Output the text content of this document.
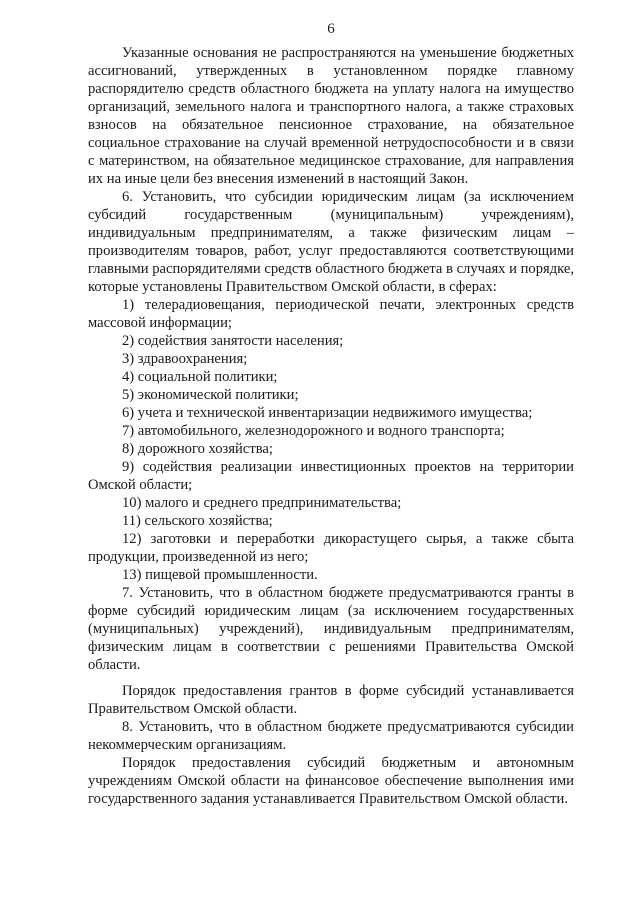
6

Указанные основания не распространяются на уменьшение бюджетных ассигнований, утвержденных в установленном порядке главному распорядителю средств областного бюджета на уплату налога на имущество организаций, земельного налога и транспортного налога, а также страховых взносов на обязательное пенсионное страхование, на обязательное социальное страхование на случай временной нетрудоспособности и в связи с материнством, на обязательное медицинское страхование, для направления их на иные цели без внесения изменений в настоящий Закон.

6. Установить, что субсидии юридическим лицам (за исключением субсидий государственным (муниципальным) учреждениям), индивидуальным предпринимателям, а также физическим лицам – производителям товаров, работ, услуг предоставляются соответствующими главными распорядителями средств областного бюджета в случаях и порядке, которые установлены Правительством Омской области, в сферах:

1) телерадиовещания, периодической печати, электронных средств массовой информации;

2) содействия занятости населения;

3) здравоохранения;

4) социальной политики;

5) экономической политики;

6) учета и технической инвентаризации недвижимого имущества;

7) автомобильного, железнодорожного и водного транспорта;

8) дорожного хозяйства;

9) содействия реализации инвестиционных проектов на территории Омской области;

10) малого и среднего предпринимательства;

11) сельского хозяйства;

12) заготовки и переработки дикорастущего сырья, а также сбыта продукции, произведенной из него;

13) пищевой промышленности.

7. Установить, что в областном бюджете предусматриваются гранты в форме субсидий юридическим лицам (за исключением государственных (муниципальных) учреждений), индивидуальным предпринимателям, физическим лицам в соответствии с решениями Правительства Омской области.

Порядок предоставления грантов в форме субсидий устанавливается Правительством Омской области.

8. Установить, что в областном бюджете предусматриваются субсидии некоммерческим организациям.

Порядок предоставления субсидий бюджетным и автономным учреждениям Омской области на финансовое обеспечение выполнения ими государственного задания устанавливается Правительством Омской области.
